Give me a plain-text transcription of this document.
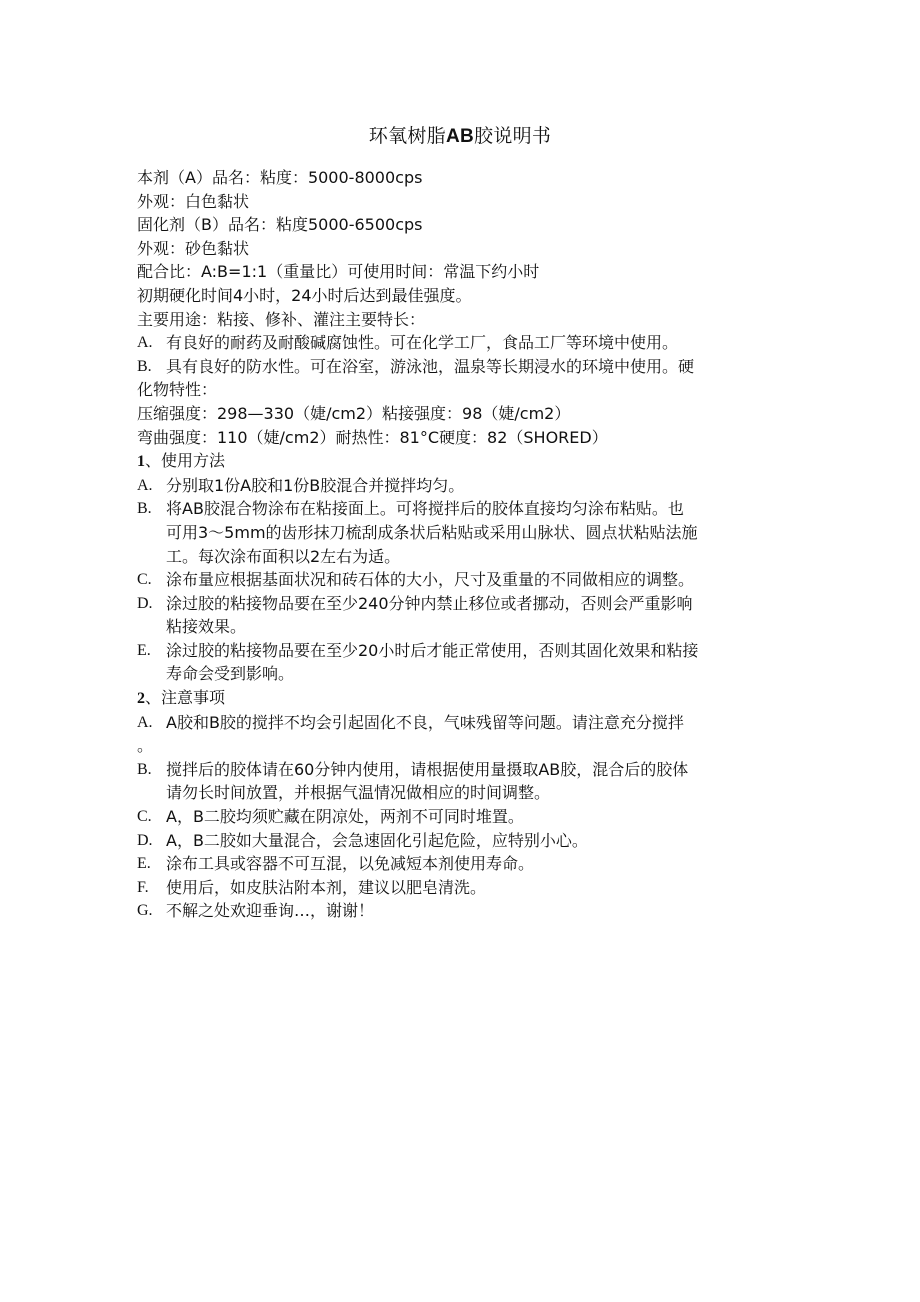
环氧树脂AB胶说明书
本剂（A）品名：粘度：5000-8000cps
外观：白色黏状
固化剂（B）品名：粘度5000-6500cps
外观：砂色黏状
配合比：A:B=1:1（重量比）可使用时间：常温下约小时
初期硬化时间4小时，24小时后达到最佳强度。
主要用途：粘接、修补、灌注主要特长：
A. 有良好的耐药及耐酸碱腐蚀性。可在化学工厂，食品工厂等环境中使用。
B. 具有良好的防水性。可在浴室，游泳池，温泉等长期浸水的环境中使用。硬
化物特性：
压缩强度：298—330（婕/cm2）粘接强度：98（婕/cm2）
弯曲强度：110（婕/cm2）耐热性：81°C硬度：82（SHORED）
1、使用方法
A. 分别取1份A胶和1份B胶混合并搅拌均匀。
B. 将AB胶混合物涂布在粘接面上。可将搅拌后的胶体直接均匀涂布粘贴。也
可用3～5mm的齿形抹刀梳刮成条状后粘贴或采用山脉状、圆点状粘贴法施
工。每次涂布面积以2左右为适。
C. 涂布量应根据基面状况和砖石体的大小，尺寸及重量的不同做相应的调整。
D. 涂过胶的粘接物品要在至少240分钟内禁止移位或者挪动，否则会严重影响
粘接效果。
E. 涂过胶的粘接物品要在至少20小时后才能正常使用，否则其固化效果和粘接
寿命会受到影响。
2、注意事项
A. A胶和B胶的搅拌不均会引起固化不良，气味残留等问题。请注意充分搅拌
。
B. 搅拌后的胶体请在60分钟内使用，请根据使用量摄取AB胶，混合后的胶体
请勿长时间放置，并根据气温情况做相应的时间调整。
C. A，B二胶均须贮藏在阴凉处，两剂不可同时堆置。
D. A，B二胶如大量混合，会急速固化引起危险，应特别小心。
E. 涂布工具或容器不可互混，以免减短本剂使用寿命。
F.	使用后，如皮肤沾附本剂，建议以肥皂清洗。
G. 不解之处欢迎垂询…，谢谢！
